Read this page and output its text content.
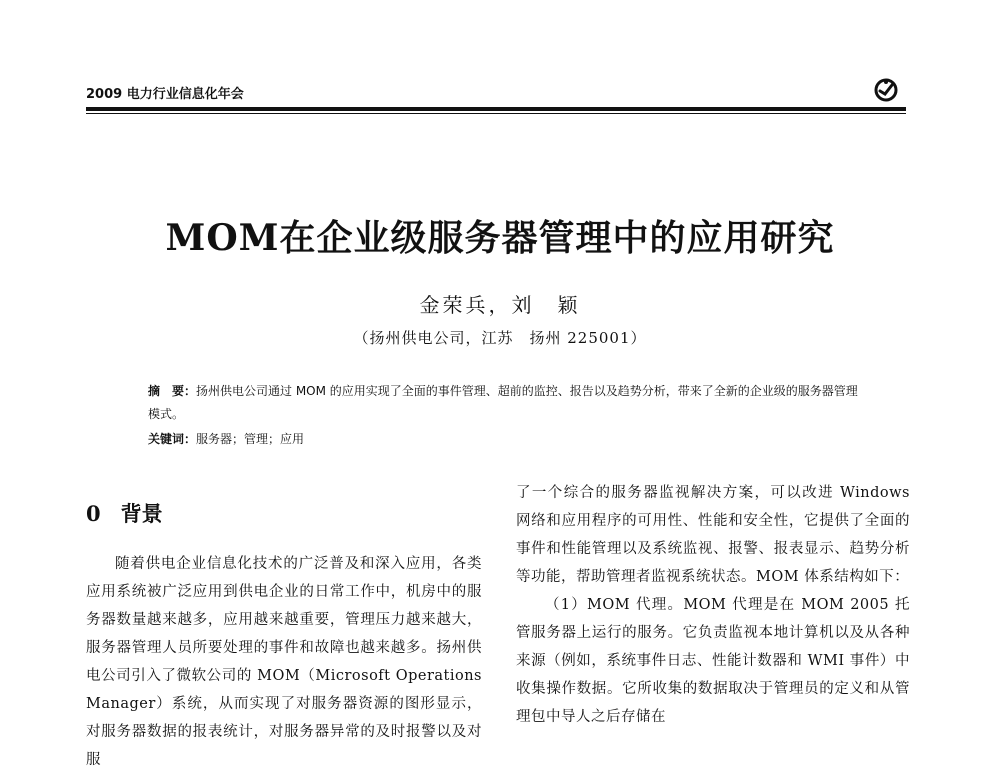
2009 电力行业信息化年会
MOM在企业级服务器管理中的应用研究
金荣兵，刘　颖
（扬州供电公司，江苏　扬州 225001）
摘　要：扬州供电公司通过 MOM 的应用实现了全面的事件管理、超前的监控、报告以及趋势分析，带来了全新的企业级的服务器管理模式。
关键词：服务器；管理；应用
0 背景

随着供电企业信息化技术的广泛普及和深入应用，各类应用系统被广泛应用到供电企业的日常工作中，机房中的服务器数量越来越多，应用越来越重要，管理压力越来越大，服务器管理人员所要处理的事件和故障也越来越多。扬州供电公司引入了微软公司的 MOM（Microsoft Operations Manager）系统，从而实现了对服务器资源的图形显示，对服务器数据的报表统计，对服务器异常的及时报警以及对服

了一个综合的服务器监视解决方案，可以改进 Windows 网络和应用程序的可用性、性能和安全性，它提供了全面的事件和性能管理以及系统监视、报警、报表显示、趋势分析等功能，帮助管理者监视系统状态。MOM 体系结构如下：

（1）MOM 代理。MOM 代理是在 MOM 2005 托管服务器上运行的服务。它负责监视本地计算机以及从各种来源（例如，系统事件日志、性能计数器和 WMI 事件）中收集操作数据。它所收集的数据取决于管理员的定义和从管理包中导人之后存储在
